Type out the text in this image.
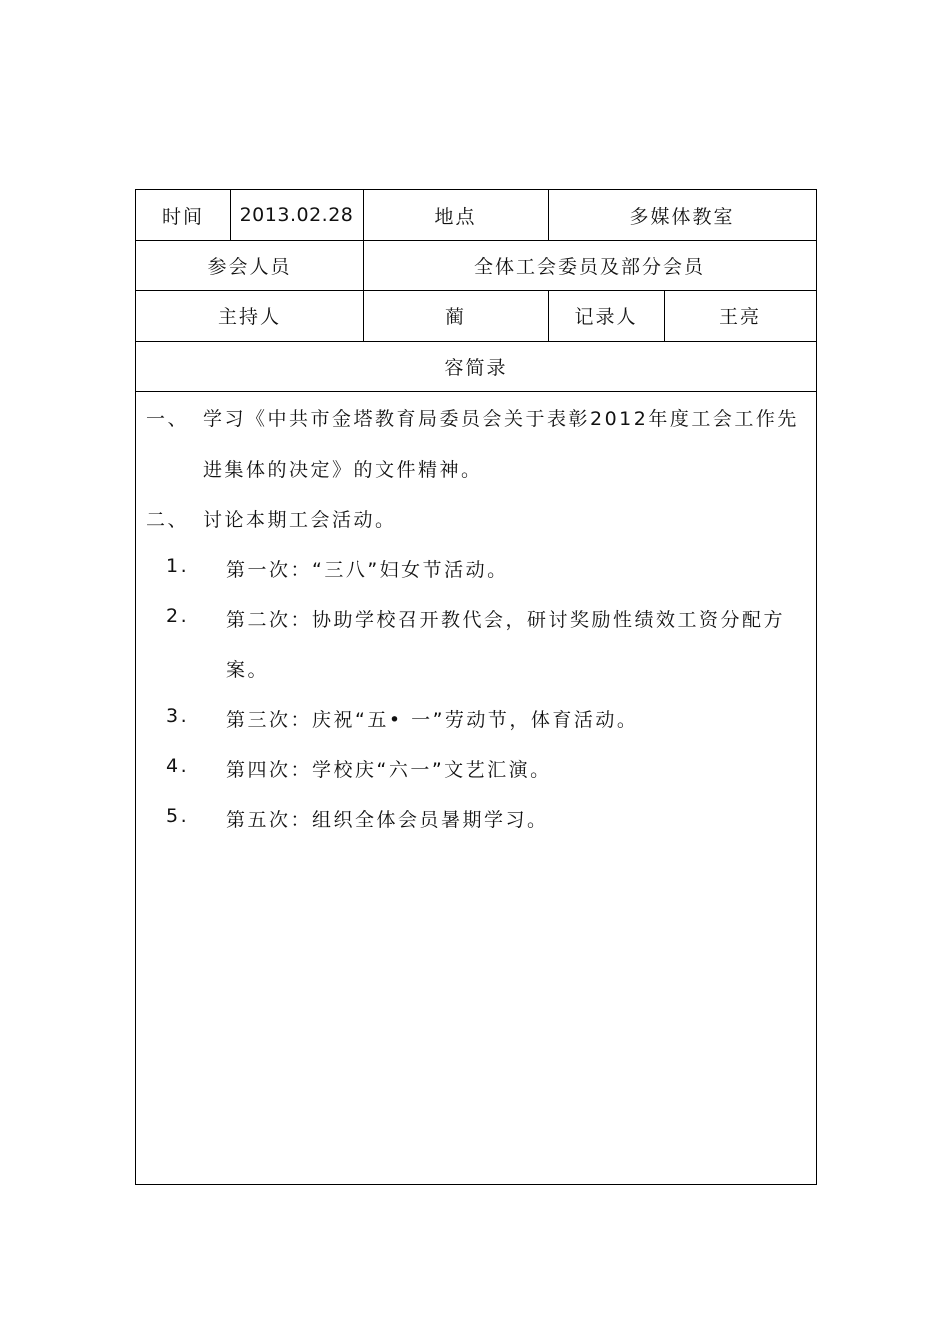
时间	2013.02.28	地点	多媒体教室
参会人员	全体工会委员及部分会员
主持人	蔺	记录人	王亮
容简录
一、 学习《中共市金塔教育局委员会关于表彰2012年度工会工作先
进集体的决定》的文件精神。
二、 讨论本期工会活动。
1. 第一次：“三八”妇女节活动。
2. 第二次：协助学校召开教代会，研讨奖励性绩效工资分配方
案。
3. 第三次：庆祝“五• 一”劳动节，体育活动。
4. 第四次：学校庆“六一”文艺汇演。
5. 第五次：组织全体会员暑期学习。
